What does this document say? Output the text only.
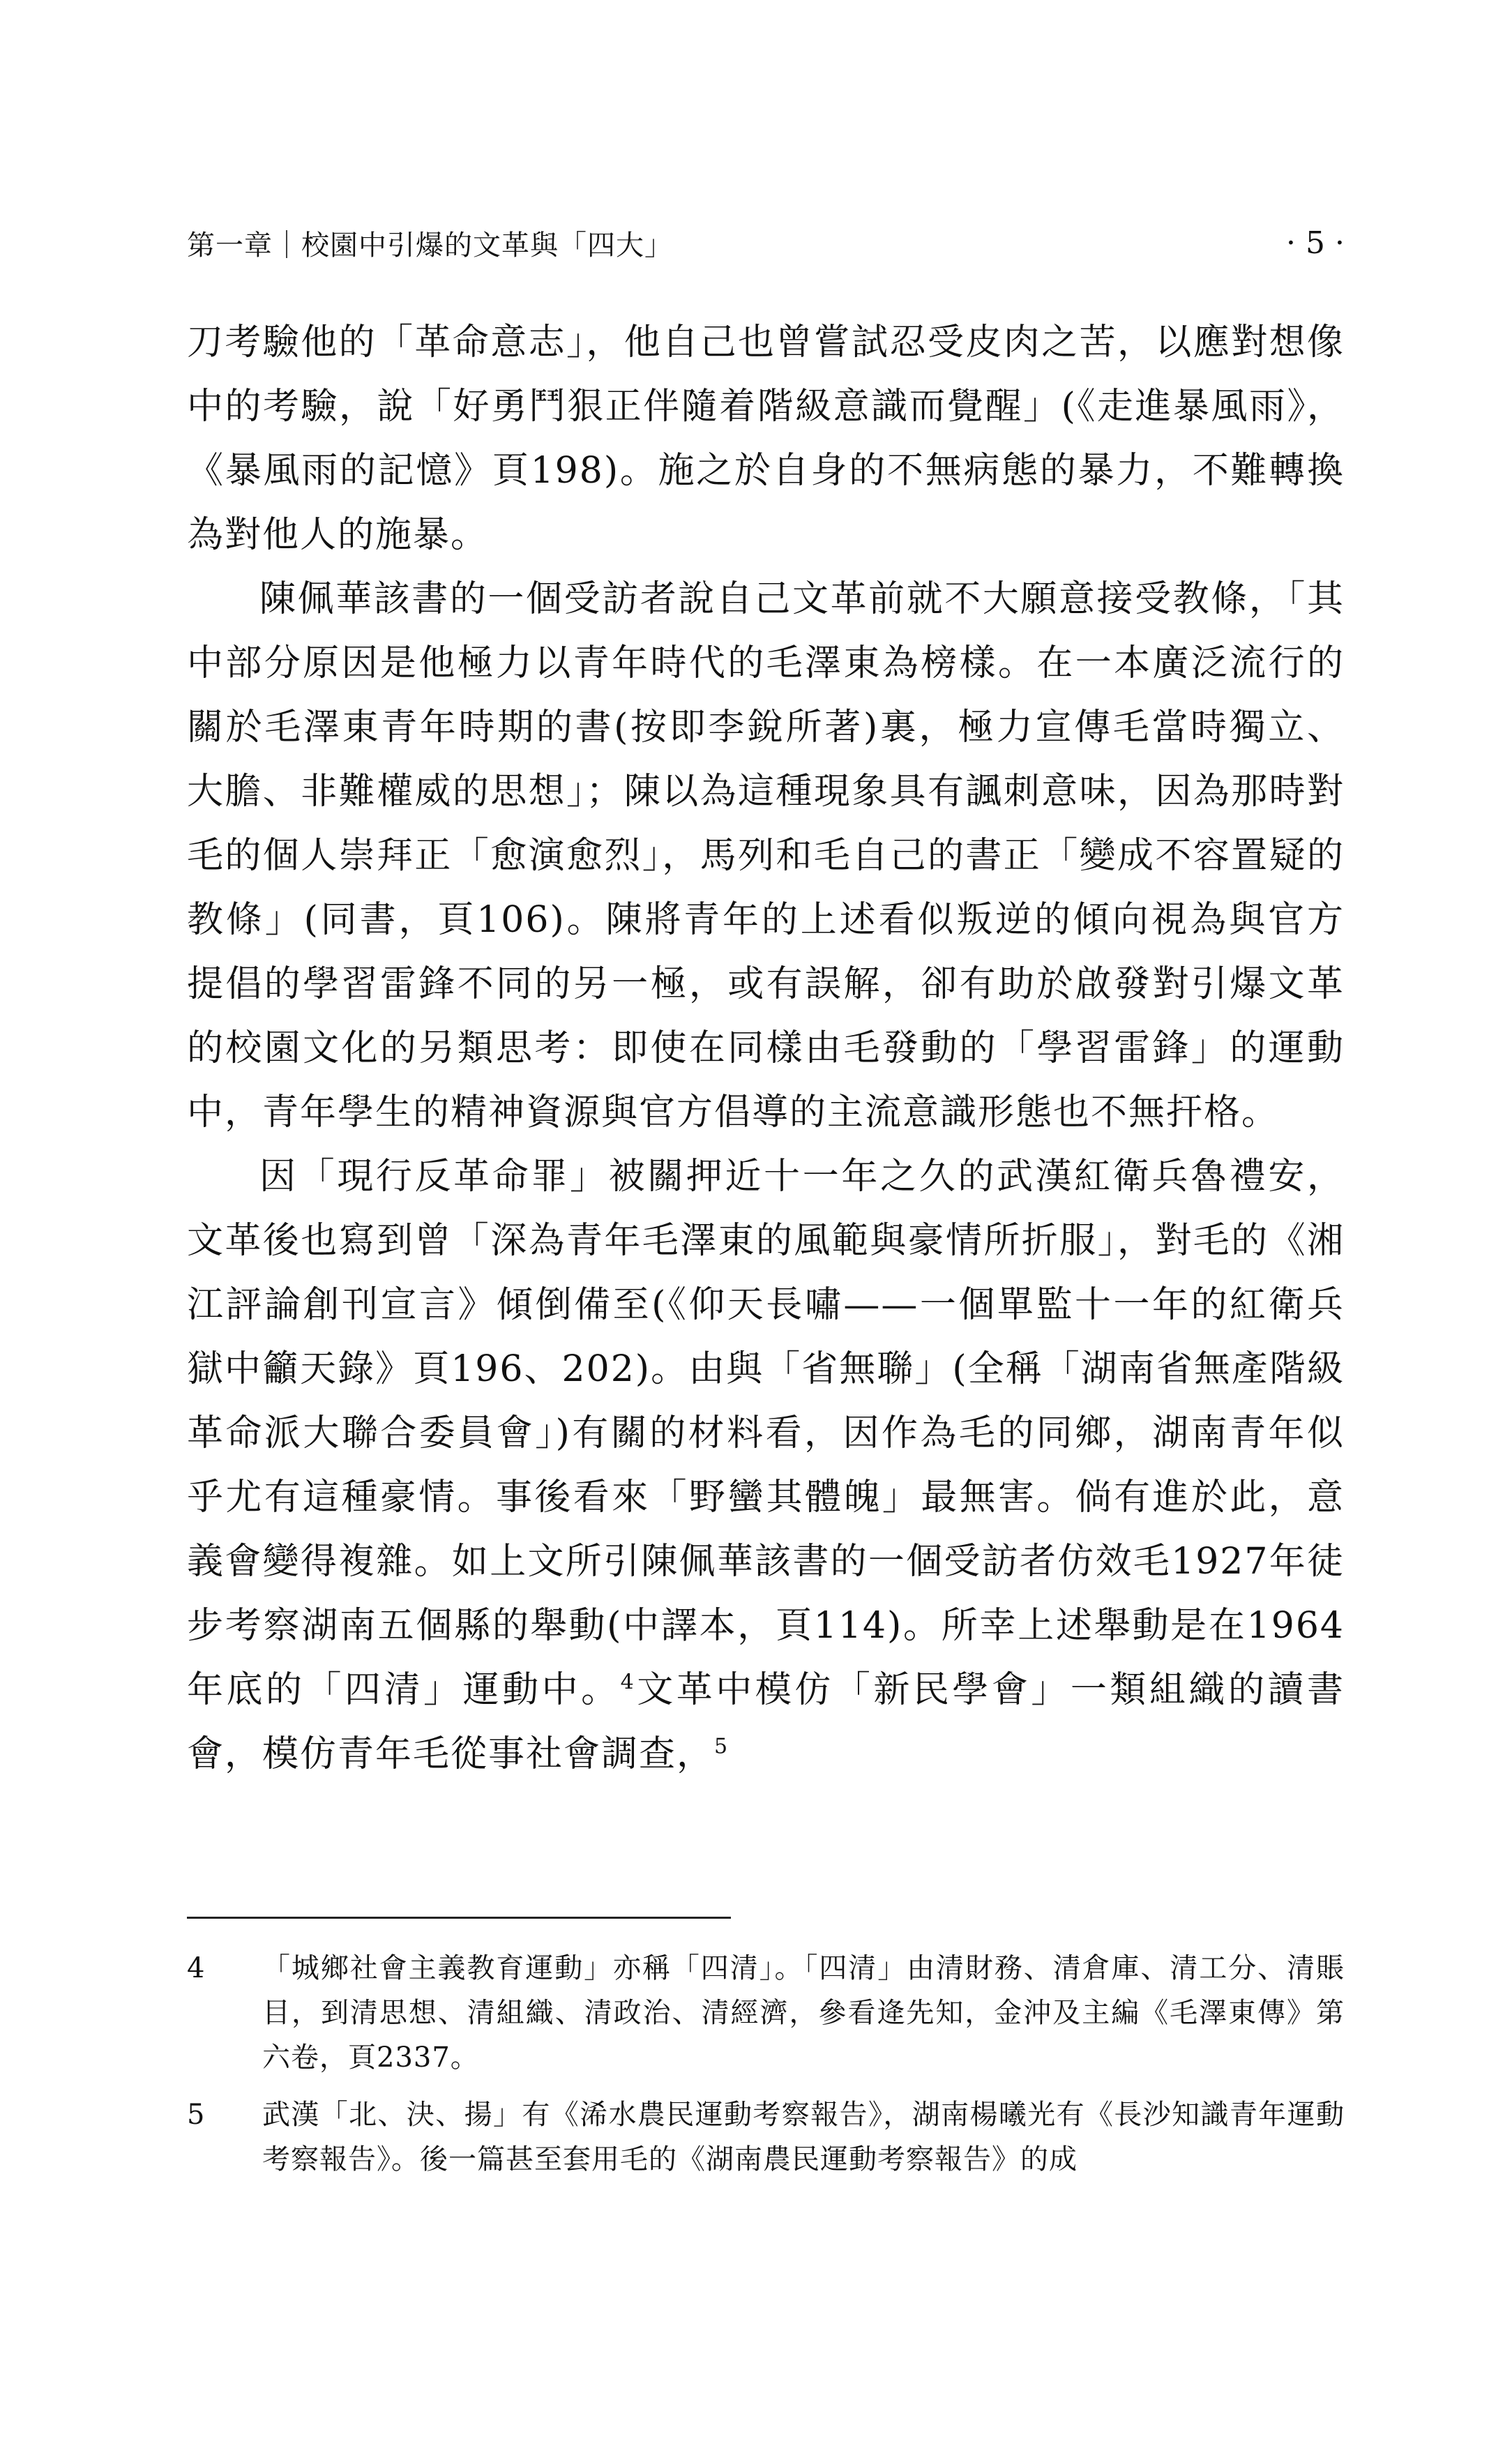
第一章｜校園中引爆的文革與「四大」	· 5 ·

刀考驗他的「革命意志」，他自己也曾嘗試忍受皮肉之苦，以應對想像中的考驗，說「好勇鬥狠正伴隨着階級意識而覺醒」(《走進暴風雨》，《暴風雨的記憶》頁198)。施之於自身的不無病態的暴力，不難轉換為對他人的施暴。

陳佩華該書的一個受訪者說自己文革前就不大願意接受教條，「其中部分原因是他極力以青年時代的毛澤東為榜樣。在一本廣泛流行的關於毛澤東青年時期的書(按即李銳所著)裏，極力宣傳毛當時獨立、大膽、非難權威的思想」；陳以為這種現象具有諷刺意味，因為那時對毛的個人崇拜正「愈演愈烈」，馬列和毛自己的書正「變成不容置疑的教條」(同書，頁106)。陳將青年的上述看似叛逆的傾向視為與官方提倡的學習雷鋒不同的另一極，或有誤解，卻有助於啟發對引爆文革的校園文化的另類思考：即使在同樣由毛發動的「學習雷鋒」的運動中，青年學生的精神資源與官方倡導的主流意識形態也不無扞格。

因「現行反革命罪」被關押近十一年之久的武漢紅衛兵魯禮安，文革後也寫到曾「深為青年毛澤東的風範與豪情所折服」，對毛的《湘江評論創刊宣言》傾倒備至(《仰天長嘯——一個單監十一年的紅衛兵獄中籲天錄》頁196、202)。由與「省無聯」(全稱「湖南省無產階級革命派大聯合委員會」)有關的材料看，因作為毛的同鄉，湖南青年似乎尤有這種豪情。事後看來「野蠻其體魄」最無害。倘有進於此，意義會變得複雜。如上文所引陳佩華該書的一個受訪者仿效毛1927年徒步考察湖南五個縣的舉動(中譯本，頁114)。所幸上述舉動是在1964年底的「四清」運動中。$^4$文革中模仿「新民學會」一類組織的讀書會，模仿青年毛從事社會調查，$^5$

4	「城鄉社會主義教育運動」亦稱「四清」。「四清」由清財務、清倉庫、清工分、清賬目，到清思想、清組織、清政治、清經濟，參看逄先知，金沖及主編《毛澤東傳》第六卷，頁2337。
5	武漢「北、決、揚」有《浠水農民運動考察報告》，湖南楊曦光有《長沙知識青年運動考察報告》。後一篇甚至套用毛的《湖南農民運動考察報告》的成
